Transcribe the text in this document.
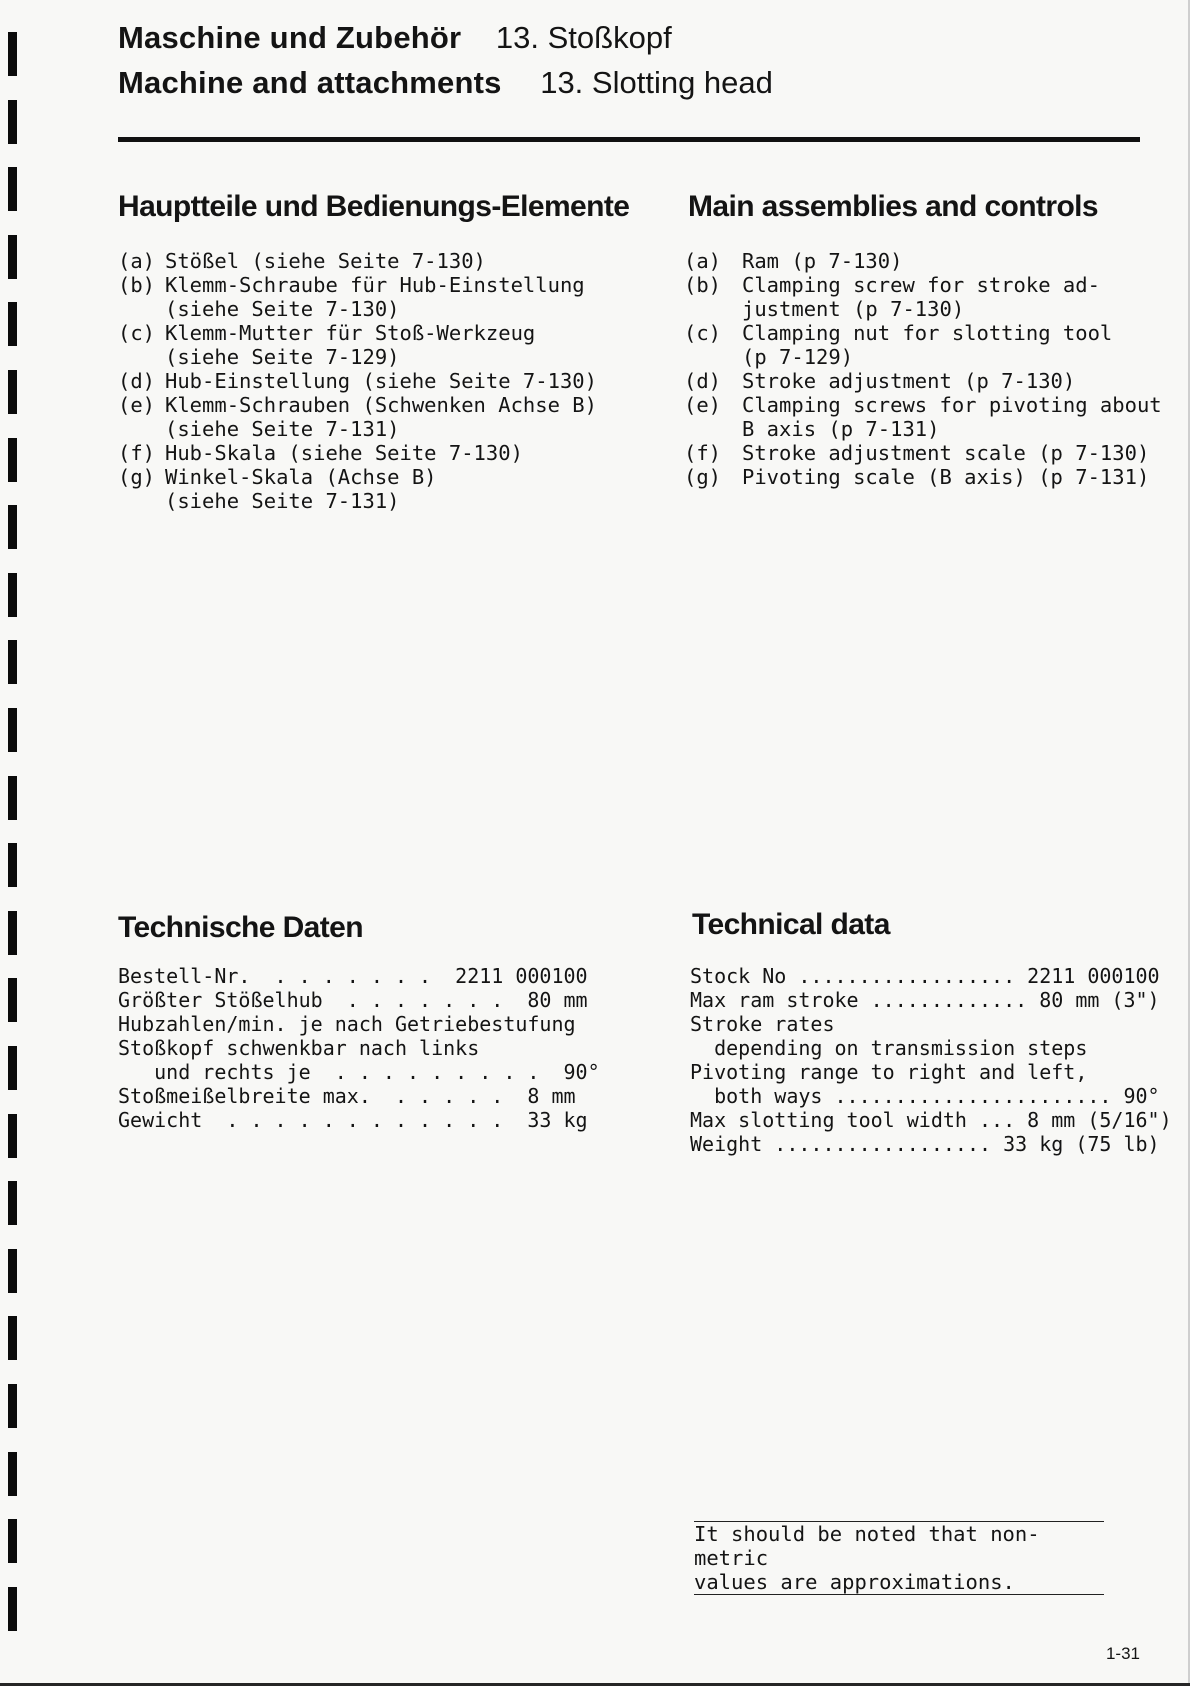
Maschine und Zubehör 13. Stoßkopf
Machine and attachments 13. Slotting head
Hauptteile und Bedienungs-Elemente Main assemblies and controls
(a) Stößel (siehe Seite 7-130)
(b) Klemm-Schraube für Hub-Einstellung
(siehe Seite 7-130)
(c) Klemm-Mutter für Stoß-Werkzeug
(siehe Seite 7-129)
(d) Hub-Einstellung (siehe Seite 7-130)
(e) Klemm-Schrauben (Schwenken Achse B)
(siehe Seite 7-131)
(f) Hub-Skala (siehe Seite 7-130)
(g) Winkel-Skala (Achse B)
(siehe Seite 7-131)
(a)	Ram (p 7-130)
(b)	Clamping screw for stroke ad-
justment (p 7-130)
(c)	Clamping nut for slotting tool
(p 7-129)
(d)	Stroke adjustment (p 7-130)
(e)	Clamping screws for pivoting about
B axis (p 7-131)
(f)	Stroke adjustment scale (p 7-130)
(g)	Pivoting scale (B axis) (p 7-131)
Technische Daten	Technical data
Bestell-Nr.  . . . . . . .  2211 000100
Größter Stößelhub  . . . . . . .  80 mm
Hubzahlen/min. je nach Getriebestufung
Stoßkopf schwenkbar nach links
und rechts je  . . . . . . . . .  90°
Stoßmeißelbreite max.  . . . . .  8 mm
Gewicht  . . . . . . . . . . . .  33 kg
Stock No .................. 2211 000100
Max ram stroke ............. 80 mm (3")
Stroke rates
depending on transmission steps
Pivoting range to right and left,
both ways ....................... 90°
Max slotting tool width ... 8 mm (5/16")
Weight .................. 33 kg (75 lb)
It should be noted that non-metric
values are approximations.
1-31
